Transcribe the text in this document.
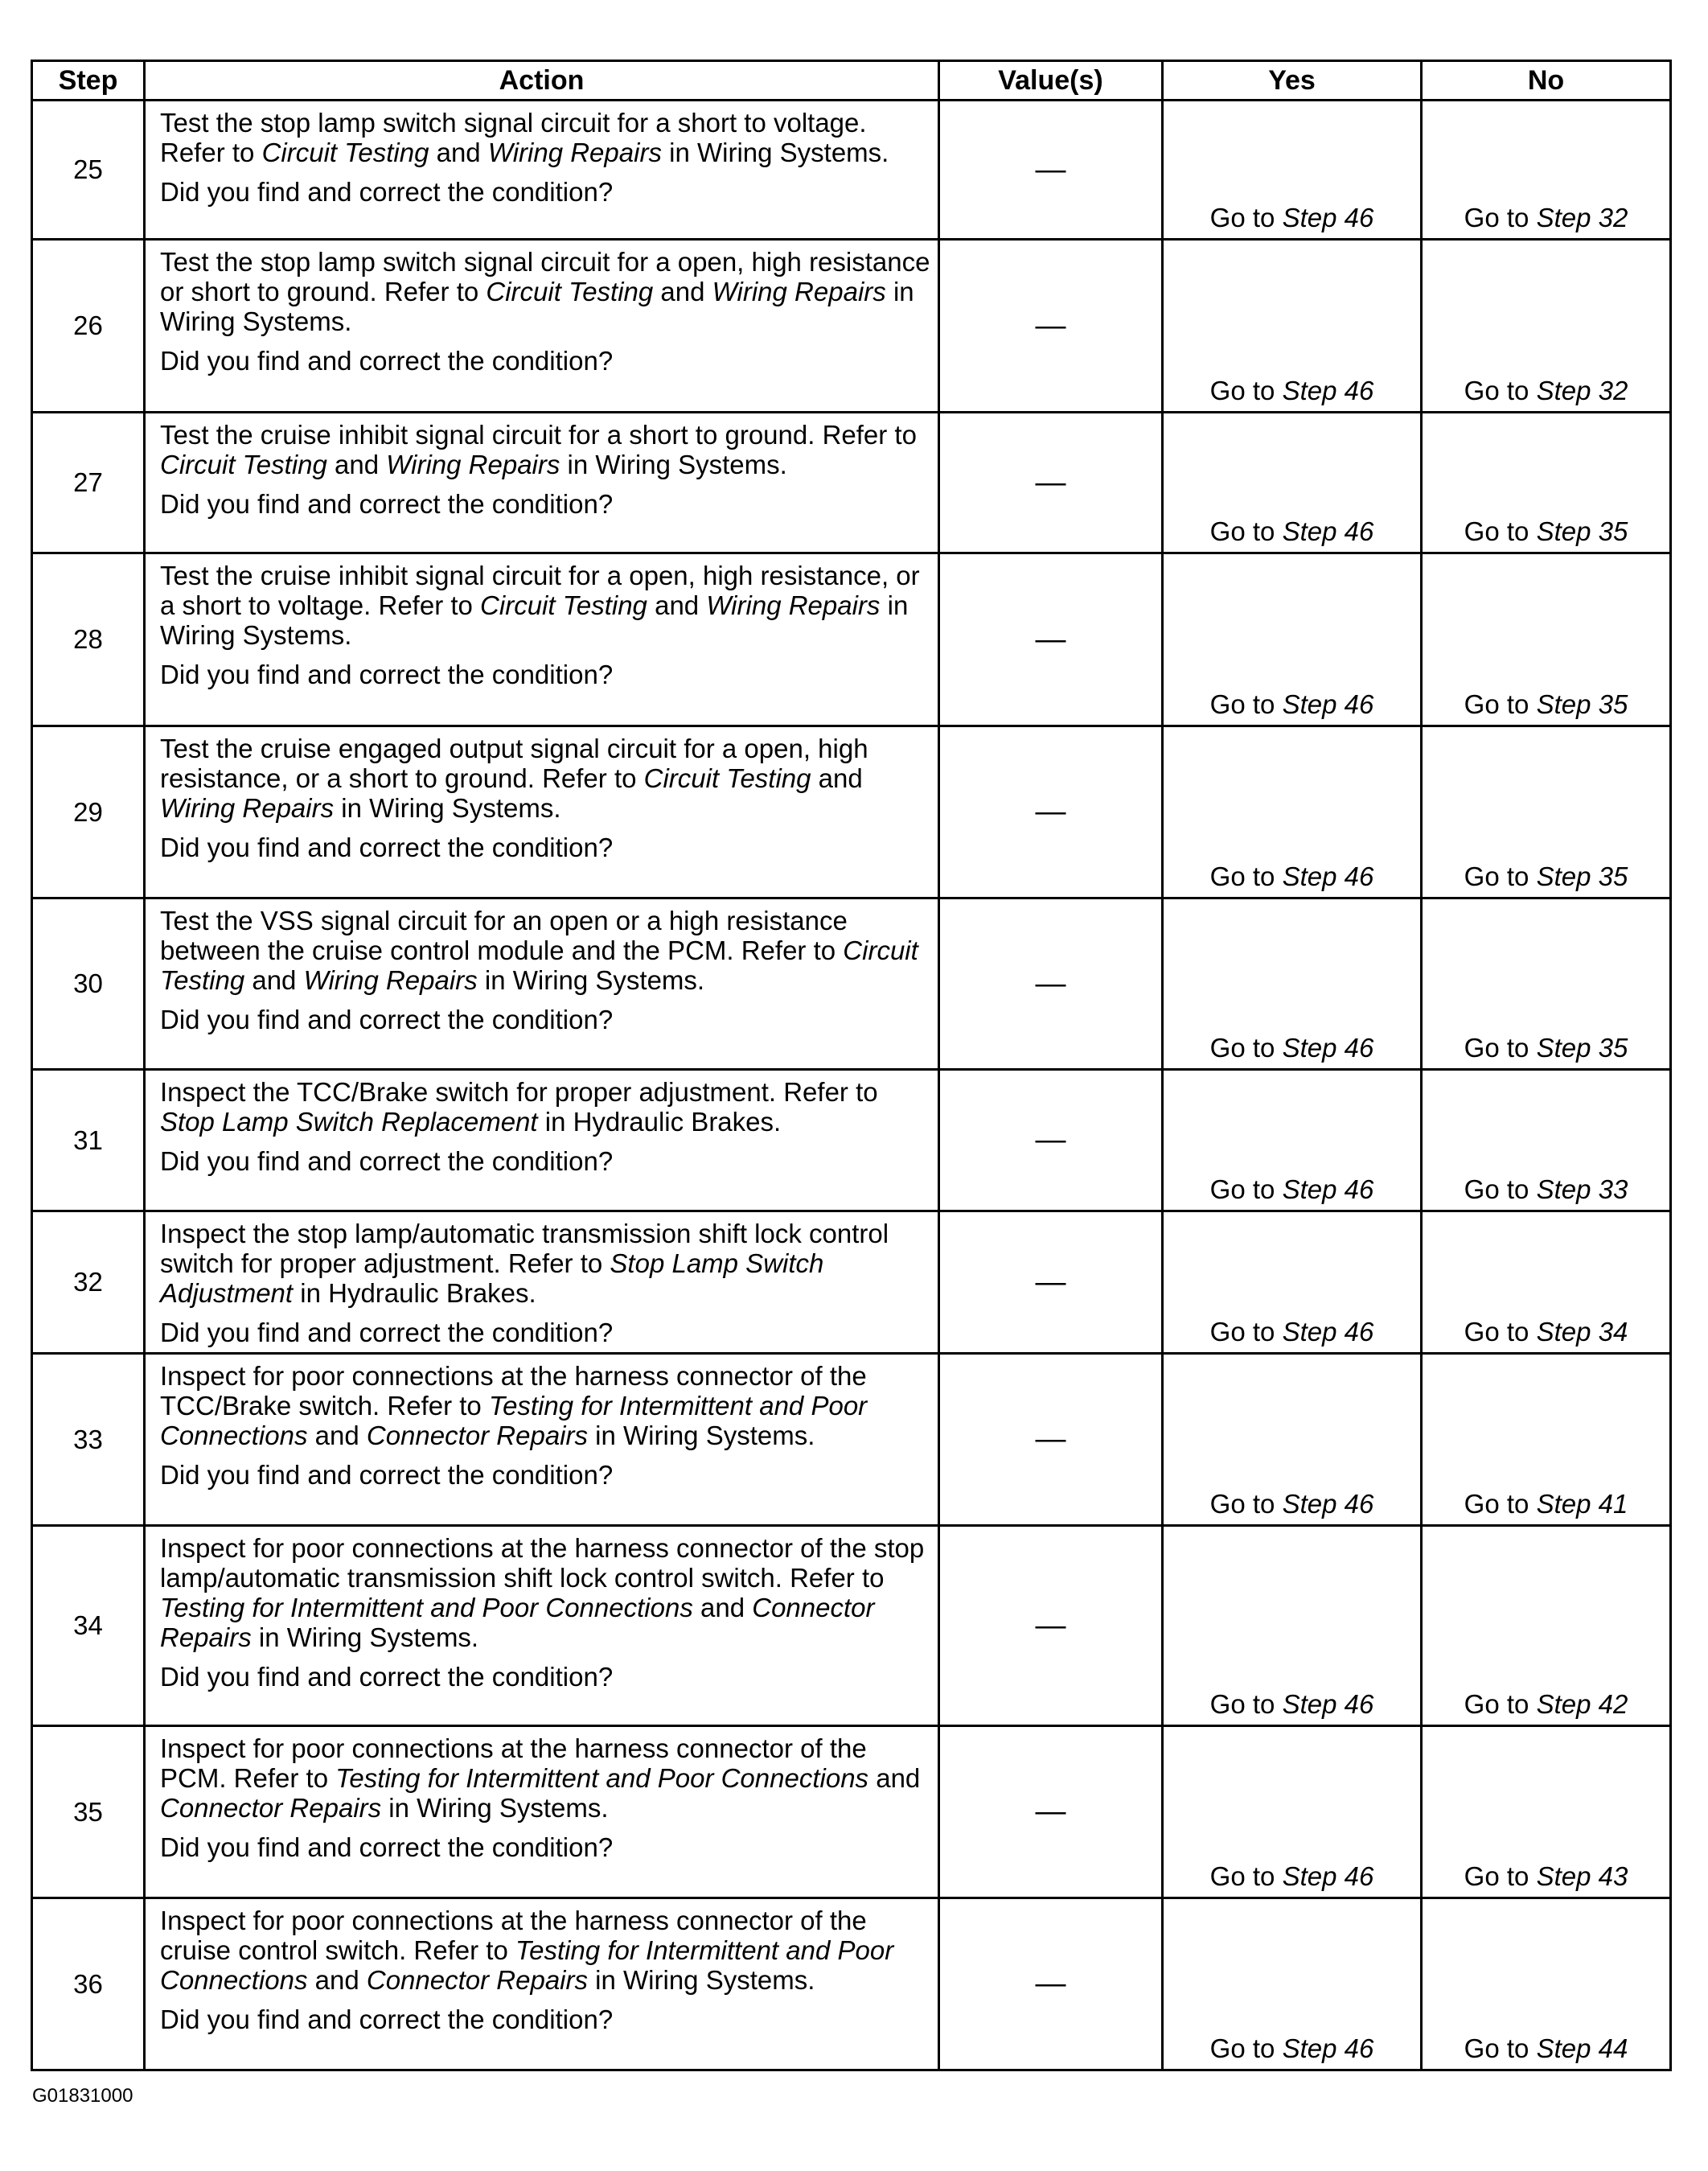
Step	Action	Value(s)	Yes	No
25	Test the stop lamp switch signal circuit for a short to voltage. Refer to Circuit Testing and Wiring Repairs in Wiring Systems.

Did you find and correct the condition?	—	Go to Step 46	Go to Step 32
26	Test the stop lamp switch signal circuit for a open, high resistance or short to ground. Refer to Circuit Testing and Wiring Repairs in Wiring Systems.

Did you find and correct the condition?	—	Go to Step 46	Go to Step 32
27	Test the cruise inhibit signal circuit for a short to ground. Refer to Circuit Testing and Wiring Repairs in Wiring Systems.

Did you find and correct the condition?	—	Go to Step 46	Go to Step 35
28	Test the cruise inhibit signal circuit for a open, high resistance, or a short to voltage. Refer to Circuit Testing and Wiring Repairs in Wiring Systems.

Did you find and correct the condition?	—	Go to Step 46	Go to Step 35
29	Test the cruise engaged output signal circuit for a open, high resistance, or a short to ground. Refer to Circuit Testing and Wiring Repairs in Wiring Systems.

Did you find and correct the condition?	—	Go to Step 46	Go to Step 35
30	Test the VSS signal circuit for an open or a high resistance between the cruise control module and the PCM. Refer to Circuit Testing and Wiring Repairs in Wiring Systems.

Did you find and correct the condition?	—	Go to Step 46	Go to Step 35
31	Inspect the TCC/Brake switch for proper adjustment. Refer to Stop Lamp Switch Replacement in Hydraulic Brakes.

Did you find and correct the condition?	—	Go to Step 46	Go to Step 33
32	Inspect the stop lamp/automatic transmission shift lock control switch for proper adjustment. Refer to Stop Lamp Switch Adjustment in Hydraulic Brakes.

Did you find and correct the condition?	—	Go to Step 46	Go to Step 34
33	Inspect for poor connections at the harness connector of the TCC/Brake switch. Refer to Testing for Intermittent and Poor Connections and Connector Repairs in Wiring Systems.

Did you find and correct the condition?	—	Go to Step 46	Go to Step 41
34	Inspect for poor connections at the harness connector of the stop lamp/automatic transmission shift lock control switch. Refer to Testing for Intermittent and Poor Connections and Connector Repairs in Wiring Systems.

Did you find and correct the condition?	—	Go to Step 46	Go to Step 42
35	Inspect for poor connections at the harness connector of the PCM. Refer to Testing for Intermittent and Poor Connections and Connector Repairs in Wiring Systems.

Did you find and correct the condition?	—	Go to Step 46	Go to Step 43
36	Inspect for poor connections at the harness connector of the cruise control switch. Refer to Testing for Intermittent and Poor Connections and Connector Repairs in Wiring Systems.

Did you find and correct the condition?	—	Go to Step 46	Go to Step 44
G01831000
